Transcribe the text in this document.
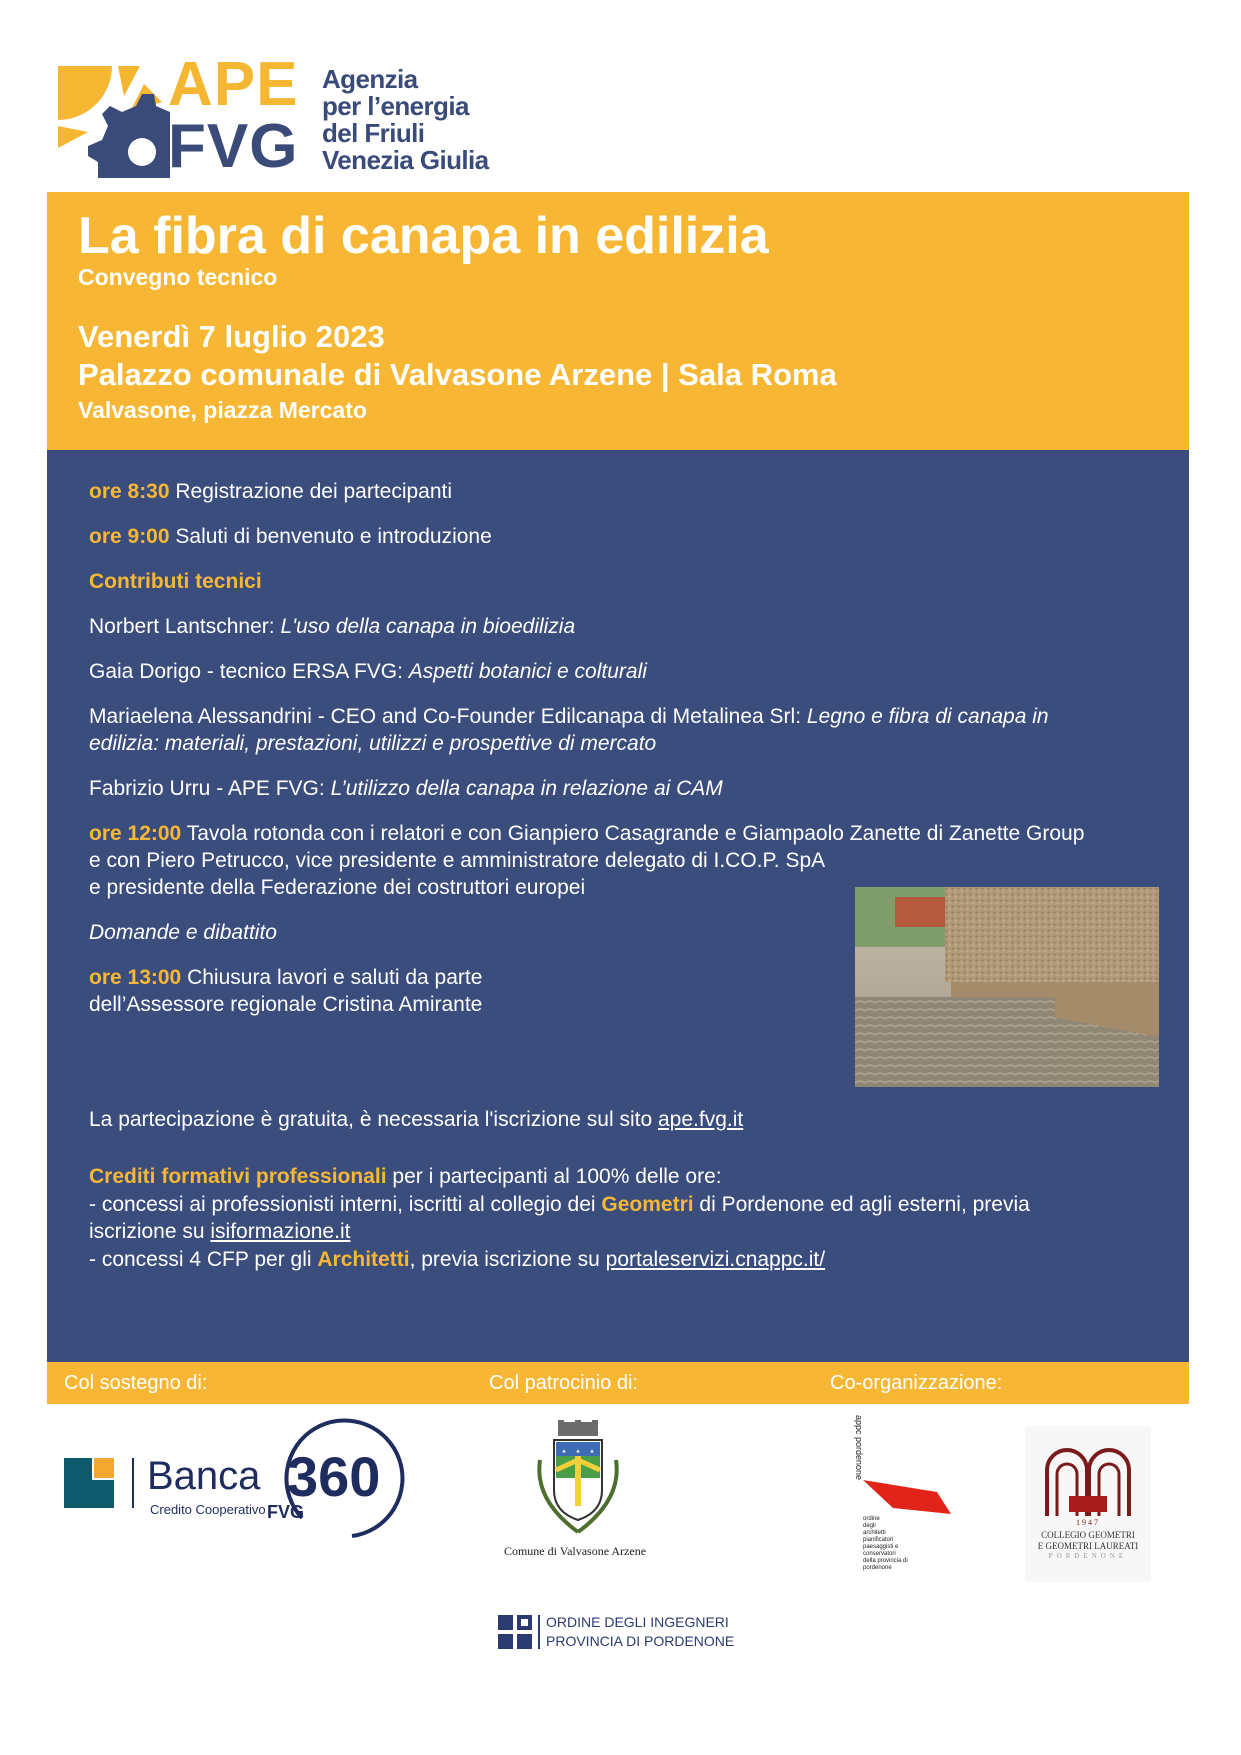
APE
FVG
Agenzia
per l’energia
del Friuli
Venezia Giulia
La fibra di canapa in edilizia
Convegno tecnico
Venerdì 7 luglio 2023
Palazzo comunale di Valvasone Arzene | Sala Roma
Valvasone, piazza Mercato
ore 8:30 Registrazione dei partecipanti
ore 9:00 Saluti di benvenuto e introduzione
Contributi tecnici
Norbert Lantschner: L'uso della canapa in bioedilizia
Gaia Dorigo - tecnico ERSA FVG: Aspetti botanici e colturali
Mariaelena Alessandrini - CEO and Co-Founder Edilcanapa di Metalinea Srl: Legno e fibra di canapa in
edilizia: materiali, prestazioni, utilizzi e prospettive di mercato
Fabrizio Urru - APE FVG: L’utilizzo della canapa in relazione ai CAM
ore 12:00 Tavola rotonda con i relatori e con Gianpiero Casagrande e Giampaolo Zanette di Zanette Group
e con Piero Petrucco, vice presidente e amministratore delegato di I.CO.P. SpA
e presidente della Federazione dei costruttori europei
Domande e dibattito
ore 13:00 Chiusura lavori e saluti da parte
dell’Assessore regionale Cristina Amirante
La partecipazione è gratuita, è necessaria l'iscrizione sul sito ape.fvg.it
Crediti formativi professionali per i partecipanti al 100% delle ore:
- concessi ai professionisti interni, iscritti al collegio dei Geometri di Pordenone ed agli esterni, previa
iscrizione su isiformazione.it
- concessi 4 CFP per gli Architetti, previa iscrizione su portaleservizi.cnappc.it/
Col sostegno di:	Col patrocinio di:	Co-organizzazione:
Banca
Credito Cooperativo
360
FVG
Comune di Valvasone Arzene
appc pordenone
ordine
degli
architetti
pianificatori
paesaggisti e
conservatori
della provincia di
pordenone
1947
COLLEGIO GEOMETRI
E GEOMETRI LAUREATI
PORDENONE
ORDINE DEGLI INGEGNERI
PROVINCIA DI PORDENONE
